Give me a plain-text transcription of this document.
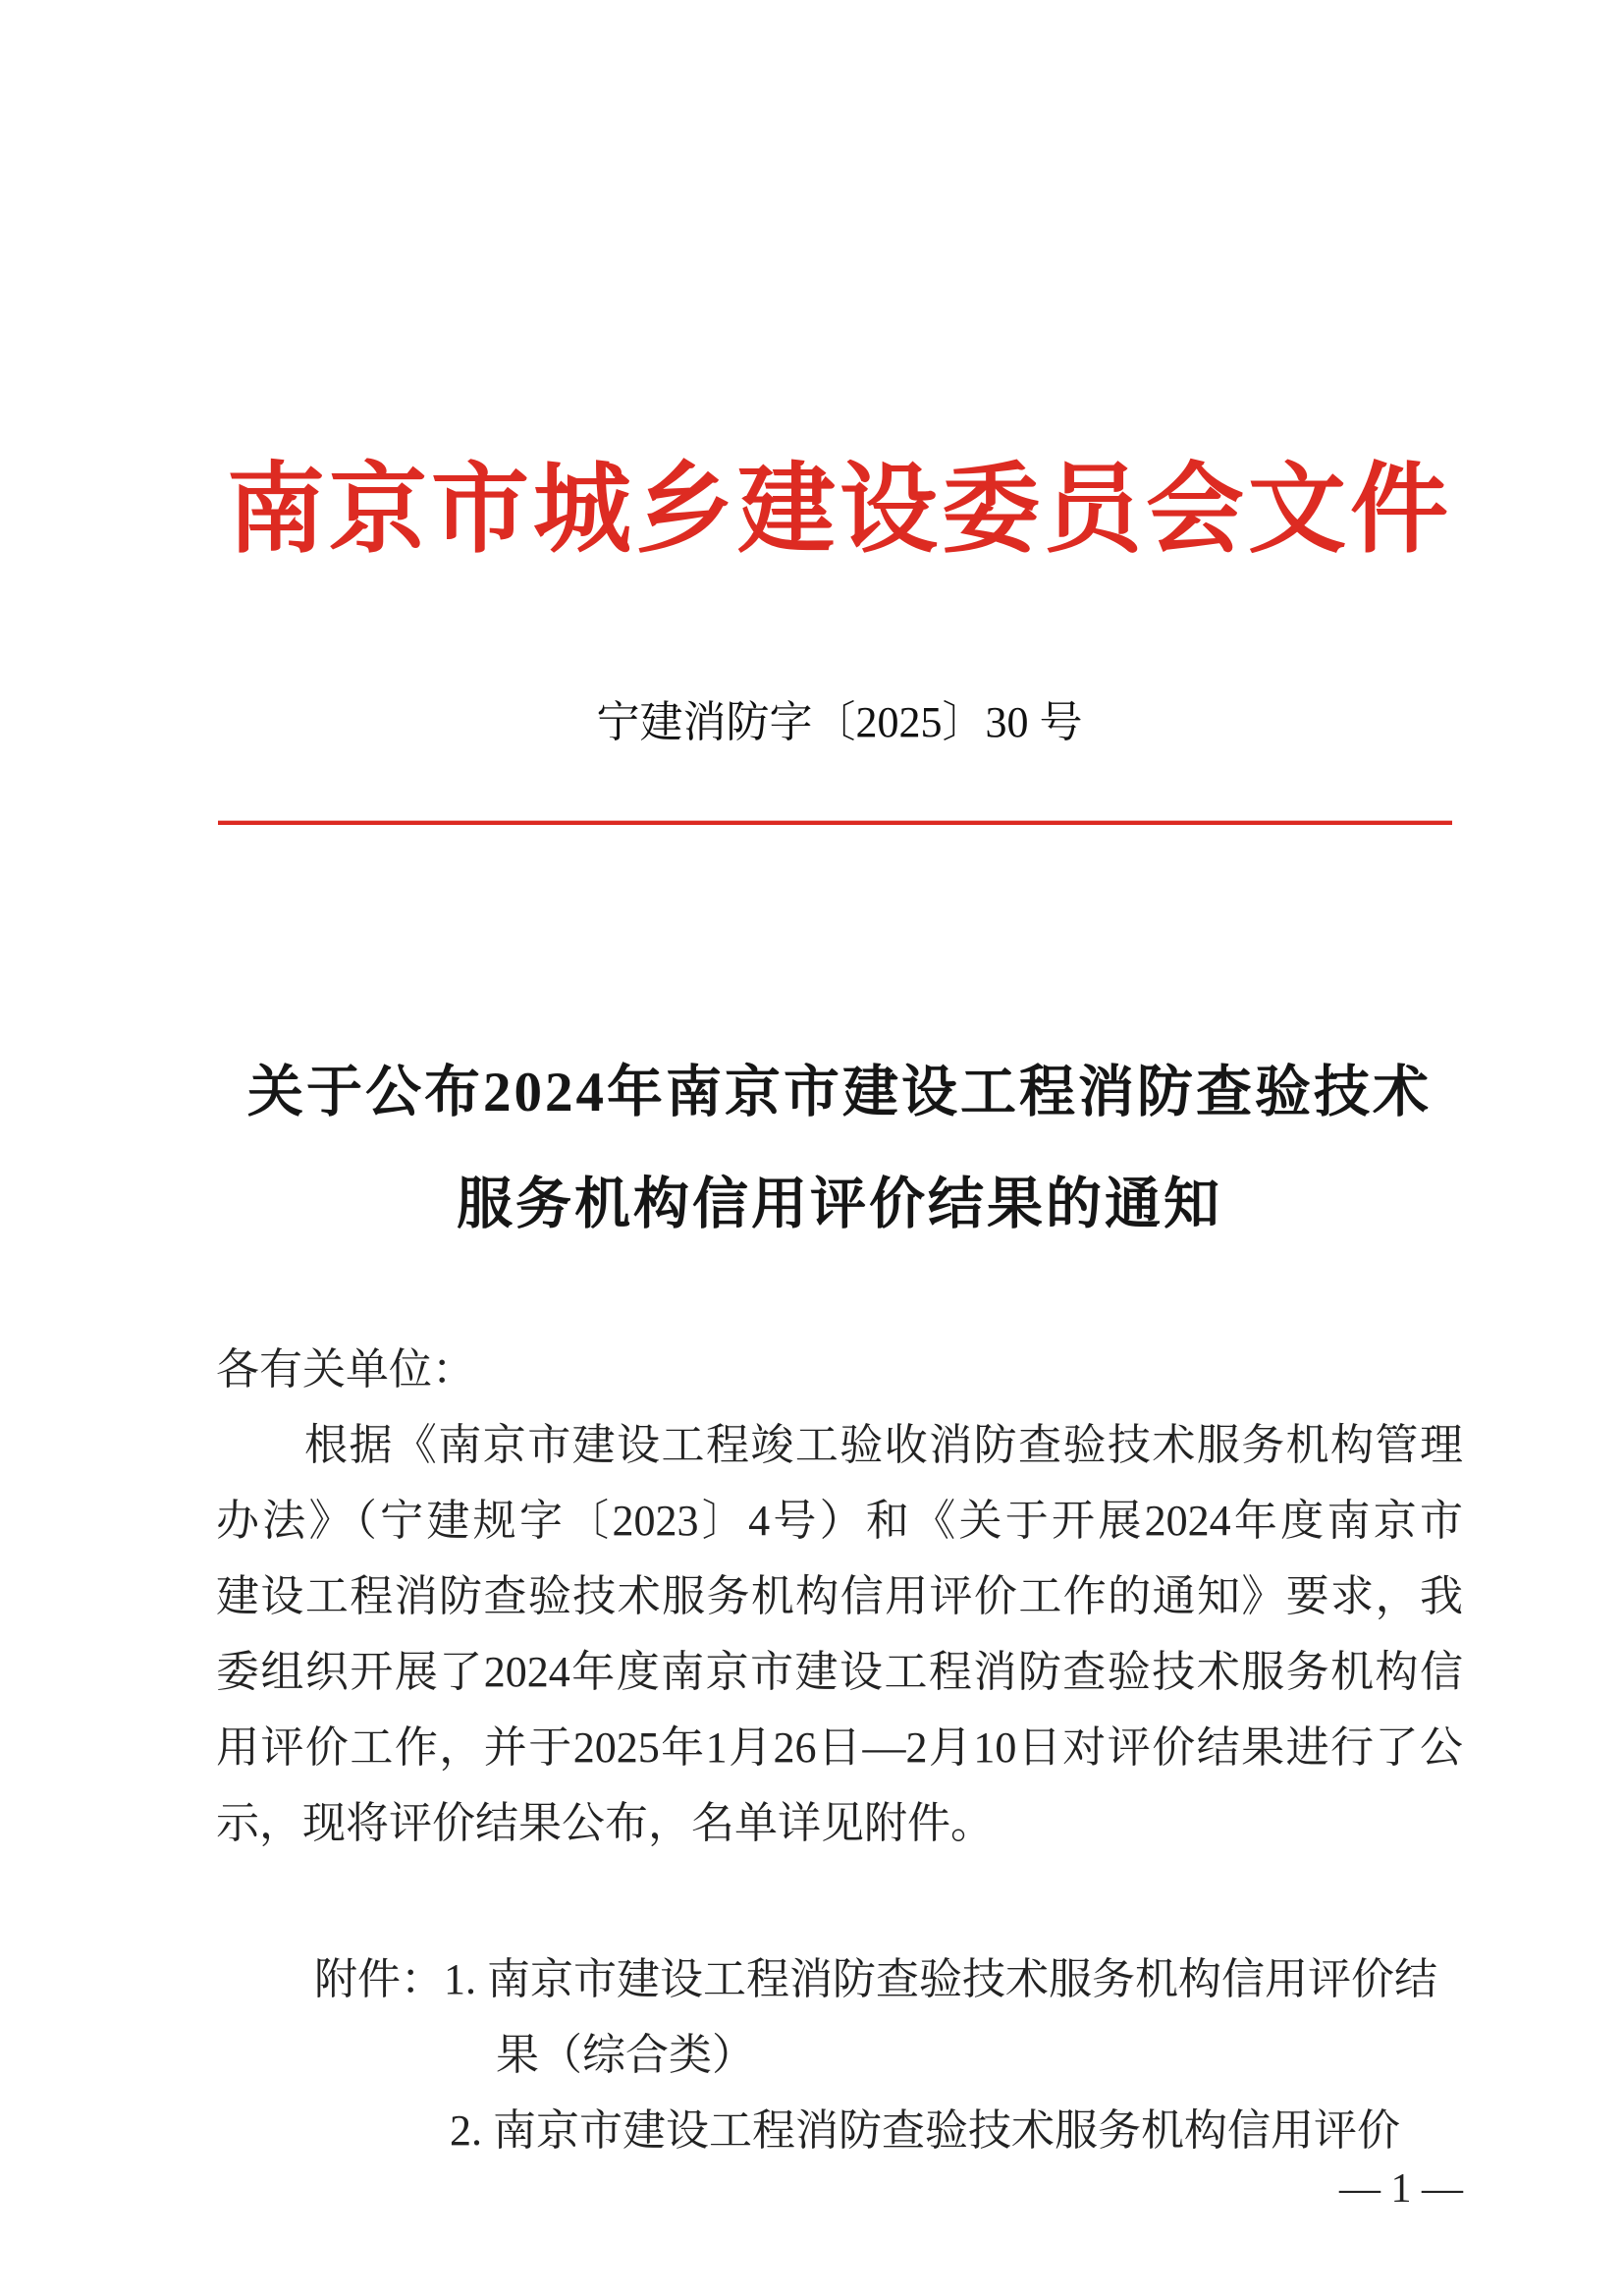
南京市城乡建设委员会文件
宁建消防字〔2025〕30 号
关于公布2024年南京市建设工程消防查验技术
服务机构信用评价结果的通知
各有关单位：
根据《南京市建设工程竣工验收消防查验技术服务机构管理
办法》（宁建规字〔2023〕4号）和《关于开展2024年度南京市
建设工程消防查验技术服务机构信用评价工作的通知》要求，我
委组织开展了2024年度南京市建设工程消防查验技术服务机构信
用评价工作，并于2025年1月26日—2月10日对评价结果进行了公
示，现将评价结果公布，名单详见附件。
附件：1. 南京市建设工程消防查验技术服务机构信用评价结
果（综合类）
2. 南京市建设工程消防查验技术服务机构信用评价
— 1 —
